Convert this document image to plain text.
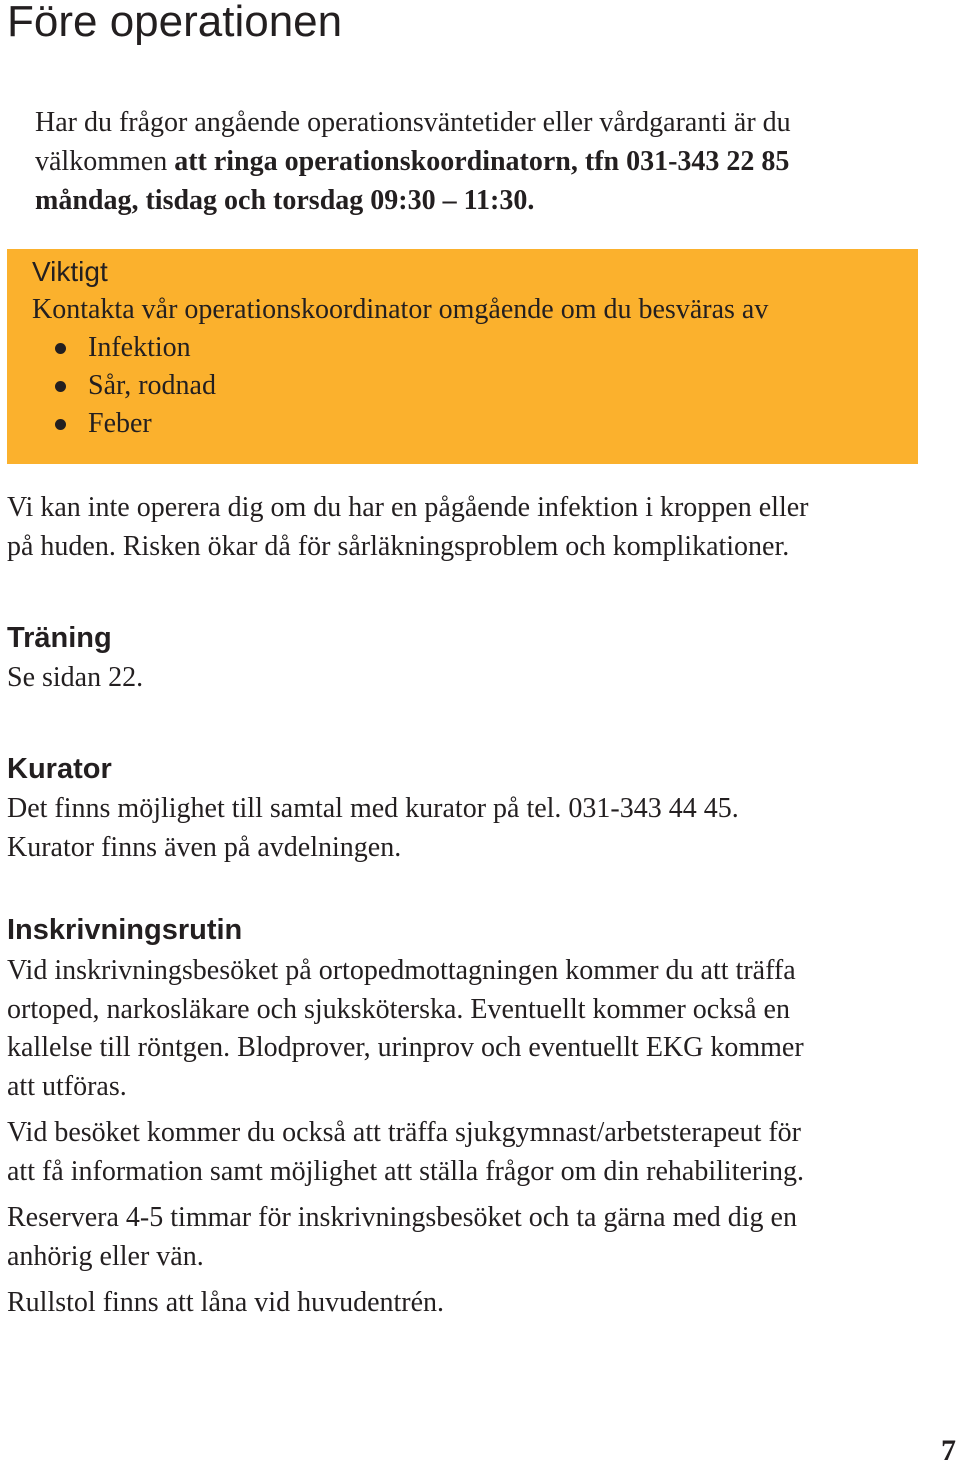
Före operationen

Har du frågor angående operationsväntetider eller vårdgaranti är du
välkommen att ringa operationskoordinatorn, tfn 031-343 22 85
måndag, tisdag och torsdag 09:30 – 11:30.

Viktigt
Kontakta vår operationskoordinator omgående om du besväras av
Infektion
Sår, rodnad
Feber

Vi kan inte operera dig om du har en pågående infektion i kroppen eller
på huden. Risken ökar då för sårläkningsproblem och komplikationer.

Träning

Se sidan 22.

Kurator

Det finns möjlighet till samtal med kurator på tel. 031-343 44 45.
Kurator finns även på avdelningen.

Inskrivningsrutin

Vid inskrivningsbesöket på ortopedmottagningen kommer du att träffa
ortoped, narkosläkare och sjuksköterska. Eventuellt kommer också en
kallelse till röntgen. Blodprover, urinprov och eventuellt EKG kommer
att utföras.

Vid besöket kommer du också att träffa sjukgymnast/arbetsterapeut för
att få information samt möjlighet att ställa frågor om din rehabilitering.

Reservera 4-5 timmar för inskrivningsbesöket och ta gärna med dig en
anhörig eller vän.

Rullstol finns att låna vid huvudentrén.

7
